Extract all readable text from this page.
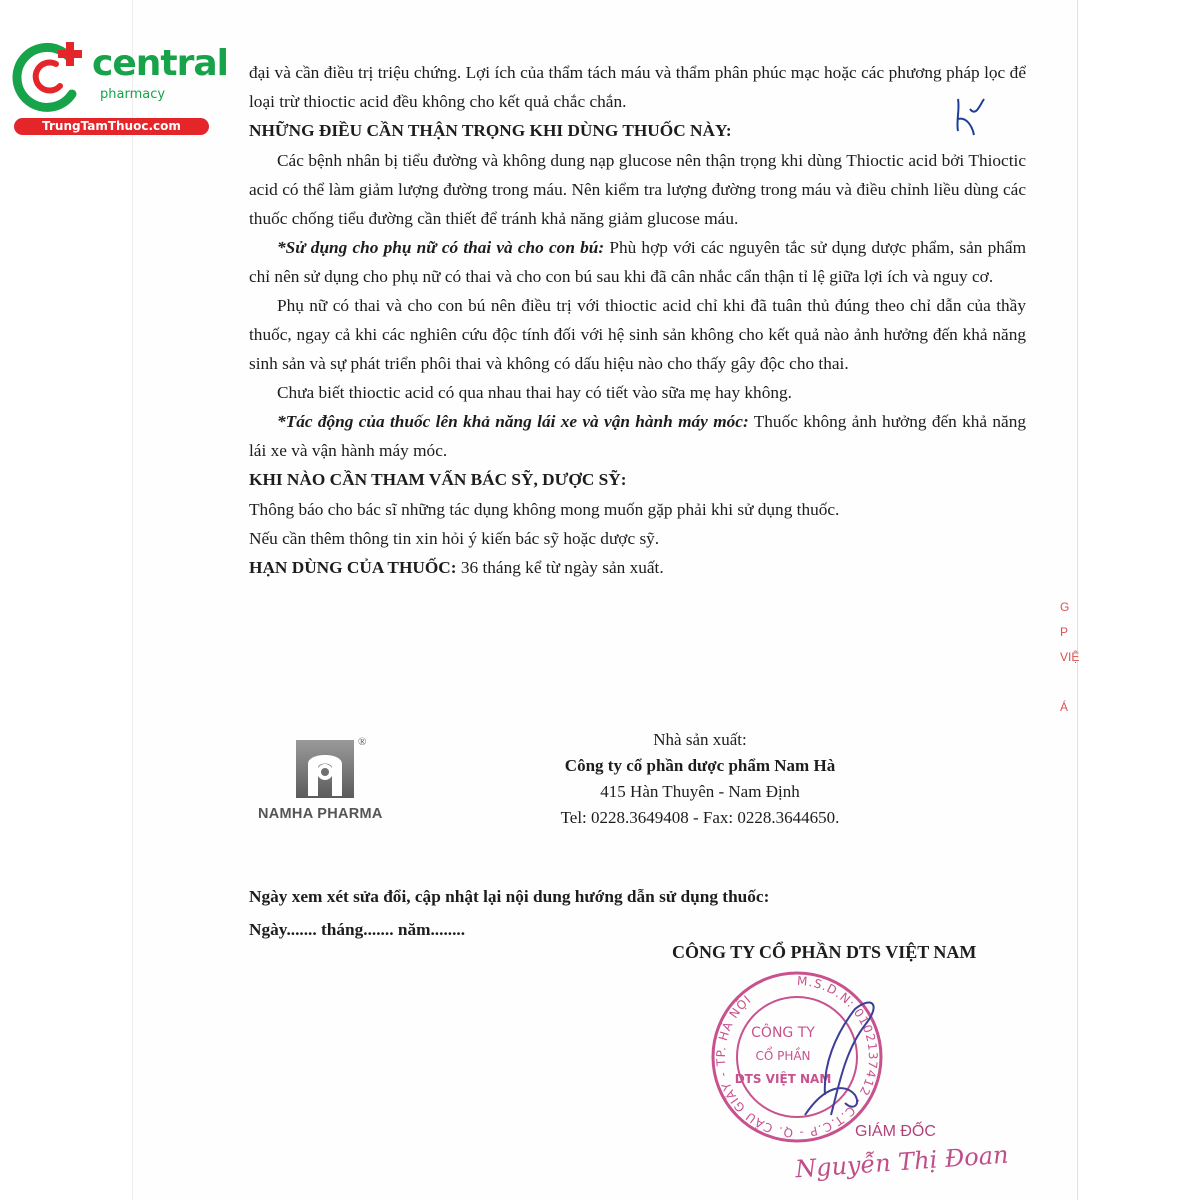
central
pharmacy
TrungTamThuoc.com

đại và cần điều trị triệu chứng. Lợi ích của thẩm tách máu và thẩm phân phúc mạc hoặc các phương pháp lọc để loại trừ thioctic acid đều không cho kết quả chắc chắn.

NHỮNG ĐIỀU CẦN THẬN TRỌNG KHI DÙNG THUỐC NÀY:

Các bệnh nhân bị tiểu đường và không dung nạp glucose nên thận trọng khi dùng Thioctic acid bởi Thioctic acid có thể làm giảm lượng đường trong máu. Nên kiểm tra lượng đường trong máu và điều chỉnh liều dùng các thuốc chống tiểu đường cần thiết để tránh khả năng giảm glucose máu.

*Sử dụng cho phụ nữ có thai và cho con bú: Phù hợp với các nguyên tắc sử dụng dược phẩm, sản phẩm chỉ nên sử dụng cho phụ nữ có thai và cho con bú sau khi đã cân nhắc cẩn thận tỉ lệ giữa lợi ích và nguy cơ.

Phụ nữ có thai và cho con bú nên điều trị với thioctic acid chỉ khi đã tuân thủ đúng theo chỉ dẫn của thầy thuốc, ngay cả khi các nghiên cứu độc tính đối với hệ sinh sản không cho kết quả nào ảnh hưởng đến khả năng sinh sản và sự phát triển phôi thai và không có dấu hiệu nào cho thấy gây độc cho thai.

Chưa biết thioctic acid có qua nhau thai hay có tiết vào sữa mẹ hay không.

*Tác động của thuốc lên khả năng lái xe và vận hành máy móc: Thuốc không ảnh hưởng đến khả năng lái xe và vận hành máy móc.

KHI NÀO CẦN THAM VẤN BÁC SỸ, DƯỢC SỸ:

Thông báo cho bác sĩ những tác dụng không mong muốn gặp phải khi sử dụng thuốc.

Nếu cần thêm thông tin xin hỏi ý kiến bác sỹ hoặc dược sỹ.

HẠN DÙNG CỦA THUỐC: 36 tháng kể từ ngày sản xuất.

®
NAMHA PHARMA
Nhà sản xuất:
Công ty cổ phần dược phẩm Nam Hà
415 Hàn Thuyên - Nam Định
Tel: 0228.3649408 - Fax: 0228.3644650.
Ngày xem xét sửa đổi, cập nhật lại nội dung hướng dẫn sử dụng thuốc:
Ngày....... tháng....... năm........
CÔNG TY CỔ PHẦN DTS VIỆT NAM
M.S.D.N: 0102137412 - C.T.C.P - Q. CẦU GIẤY - TP. HÀ NỘI
CÔNG TY
CỔ PHẦN
DTS VIỆT NAM
GIÁM ĐỐC
Nguyễn Thị Đoan
G
P
VIỆ
Á
